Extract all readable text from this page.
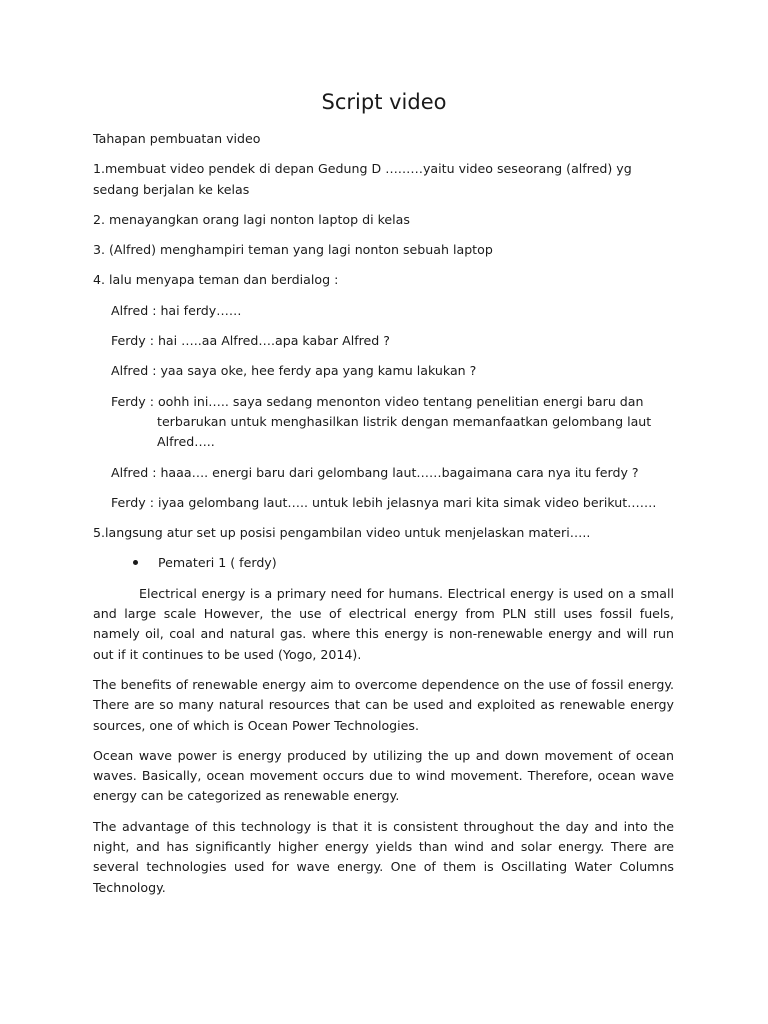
Script video

Tahapan pembuatan video

1.membuat video pendek di depan Gedung D ………yaitu video seseorang (alfred) yg sedang berjalan ke kelas

2. menayangkan orang lagi nonton laptop di kelas

3. (Alfred) menghampiri teman yang lagi nonton sebuah laptop

4. lalu menyapa teman dan berdialog :

Alfred : hai ferdy……

Ferdy : hai …..aa Alfred….apa kabar Alfred ?

Alfred : yaa saya oke, hee ferdy apa yang kamu lakukan ?

Ferdy : oohh ini….. saya sedang menonton video tentang penelitian energi baru dan terbarukan untuk menghasilkan listrik dengan memanfaatkan gelombang laut Alfred…..

Alfred : haaa…. energi baru dari gelombang laut……bagaimana cara nya itu ferdy ?

Ferdy : iyaa gelombang laut….. untuk lebih jelasnya mari kita simak video berikut…….

5.langsung atur set up posisi pengambilan video untuk menjelaskan materi…..

Pemateri 1 ( ferdy)

Electrical energy is a primary need for humans. Electrical energy is used on a small and large scale However, the use of electrical energy from PLN still uses fossil fuels, namely oil, coal and natural gas. where this energy is non-renewable energy and will run out if it continues to be used (Yogo, 2014).

The benefits of renewable energy aim to overcome dependence on the use of fossil energy. There are so many natural resources that can be used and exploited as renewable energy sources, one of which is Ocean Power Technologies.

Ocean wave power is energy produced by utilizing the up and down movement of ocean waves. Basically, ocean movement occurs due to wind movement. Therefore, ocean wave energy can be categorized as renewable energy.

The advantage of this technology is that it is consistent throughout the day and into the night, and has significantly higher energy yields than wind and solar energy. There are several technologies used for wave energy. One of them is Oscillating Water Columns Technology.
